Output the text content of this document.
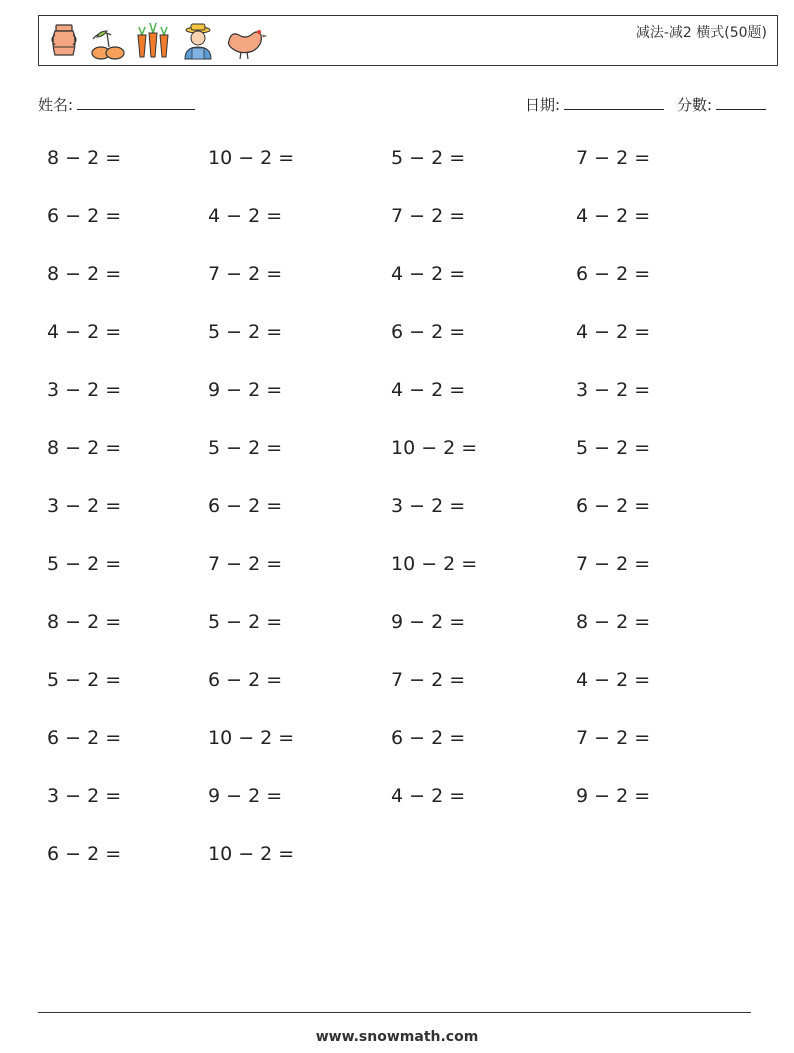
减法-减2 横式(50题)
姓名:	日期:	分數:
8 − 2 =	10 − 2 =	5 − 2 =	7 − 2 =
6 − 2 =	4 − 2 =	7 − 2 =	4 − 2 =
8 − 2 =	7 − 2 =	4 − 2 =	6 − 2 =
4 − 2 =	5 − 2 =	6 − 2 =	4 − 2 =
3 − 2 =	9 − 2 =	4 − 2 =	3 − 2 =
8 − 2 =	5 − 2 =	10 − 2 =	5 − 2 =
3 − 2 =	6 − 2 =	3 − 2 =	6 − 2 =
5 − 2 =	7 − 2 =	10 − 2 =	7 − 2 =
8 − 2 =	5 − 2 =	9 − 2 =	8 − 2 =
5 − 2 =	6 − 2 =	7 − 2 =	4 − 2 =
6 − 2 =	10 − 2 =	6 − 2 =	7 − 2 =
3 − 2 =	9 − 2 =	4 − 2 =	9 − 2 =
6 − 2 =	10 − 2 =
www.snowmath.com
